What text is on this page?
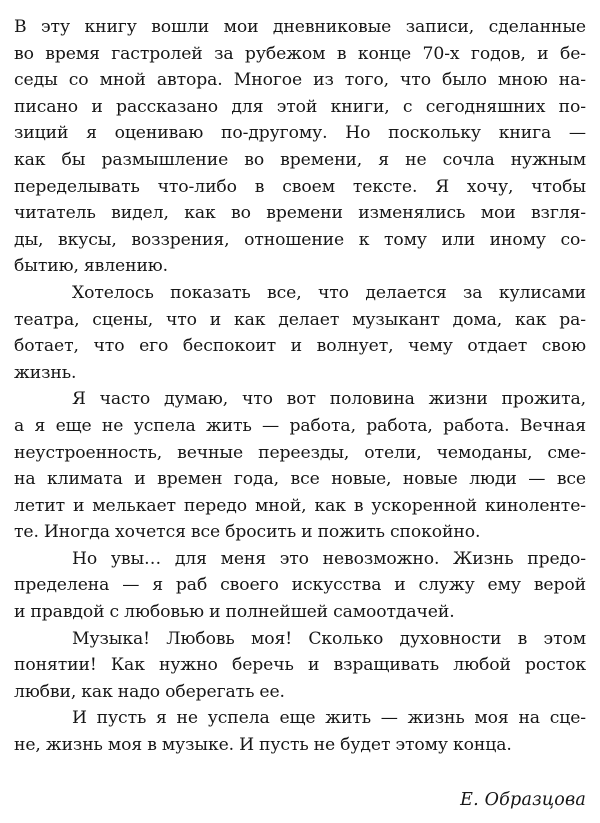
В эту книгу вошли мои дневниковые записи, сделанные
во время гастролей за рубежом в конце 70-х годов, и бе-
седы со мной автора. Многое из того, что было мною на-
писано и рассказано для этой книги, с сегодняшних по-
зиций я оцениваю по-другому. Но поскольку книга —
как бы размышление во времени, я не сочла нужным
переделывать что-либо в своем тексте. Я хочу, чтобы
читатель видел, как во времени изменялись мои взгля-
ды, вкусы, воззрения, отношение к тому или иному со-
бытию, явлению.
Хотелось показать все, что делается за кулисами
театра, сцены, что и как делает музыкант дома, как ра-
ботает, что его беспокоит и волнует, чему отдает свою
жизнь.
Я часто думаю, что вот половина жизни прожита,
а я еще не успела жить — работа, работа, работа. Вечная
неустроенность, вечные переезды, отели, чемоданы, сме-
на климата и времен года, все новые, новые люди — все
летит и мелькает передо мной, как в ускоренной киноленте-
те. Иногда хочется все бросить и пожить спокойно.
Но увы… для меня это невозможно. Жизнь предо-
пределена — я раб своего искусства и служу ему верой
и правдой с любовью и полнейшей самоотдачей.
Музыка! Любовь моя! Сколько духовности в этом
понятии! Как нужно беречь и взращивать любой росток
любви, как надо оберегать ее.
И пусть я не успела еще жить — жизнь моя на сце-
не, жизнь моя в музыке. И пусть не будет этому конца.
Е. Образцова
